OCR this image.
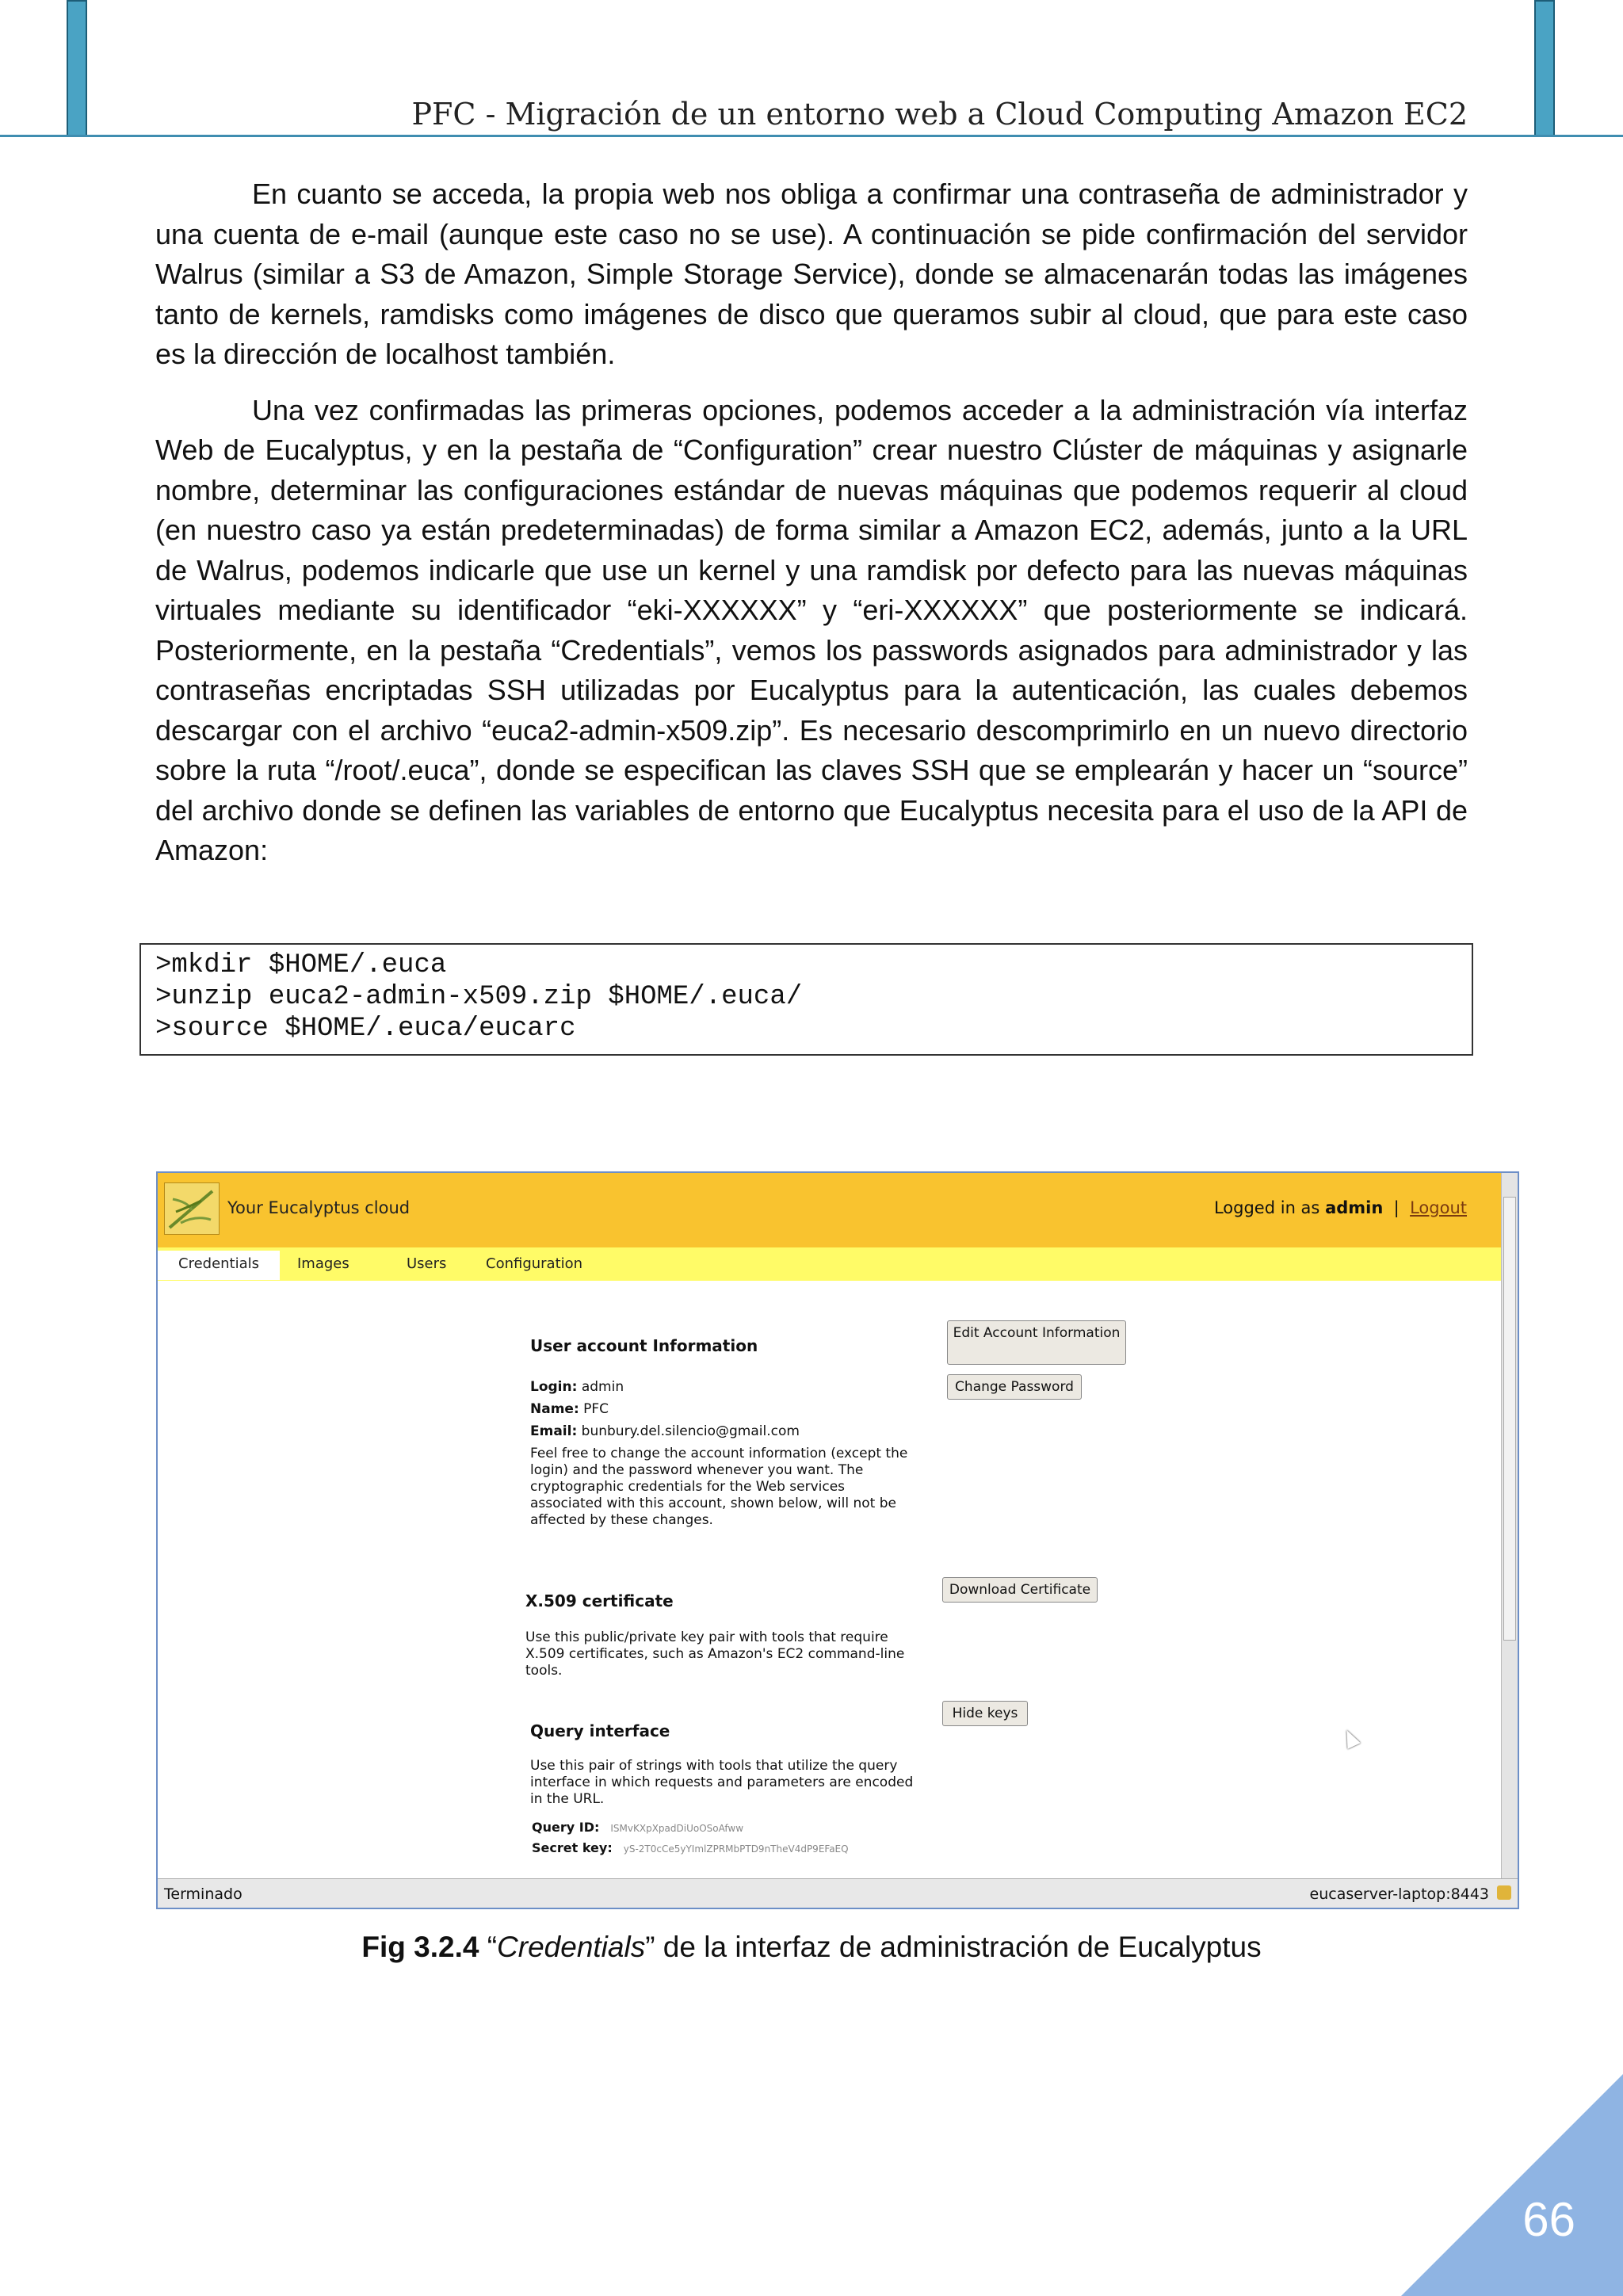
PFC - Migración de un entorno web a Cloud Computing Amazon EC2

En cuanto se acceda, la propia web nos obliga a confirmar una contraseña de administrador y una cuenta de e-mail (aunque este caso no se use). A continuación se pide confirmación del servidor Walrus (similar a S3 de Amazon, Simple Storage Service), donde se almacenarán todas las imágenes tanto de kernels, ramdisks como imágenes de disco que queramos subir al cloud, que para este caso es la dirección de localhost también.

Una vez confirmadas las primeras opciones, podemos acceder a la administración vía interfaz Web de Eucalyptus, y en la pestaña de “Configuration” crear nuestro Clúster de máquinas y asignarle nombre, determinar las configuraciones estándar de nuevas máquinas que podemos requerir al cloud (en nuestro caso ya están predeterminadas) de forma similar a Amazon EC2, además, junto a la URL de Walrus, podemos indicarle que use un kernel y una ramdisk por defecto para las nuevas máquinas virtuales mediante su identificador “eki-XXXXXX” y “eri-XXXXXX” que posteriormente se indicará. Posteriormente, en la pestaña “Credentials”, vemos los passwords asignados para administrador y las contraseñas encriptadas SSH utilizadas por Eucalyptus para la autenticación, las cuales debemos descargar con el archivo “euca2-admin-x509.zip”. Es necesario descomprimirlo en un nuevo directorio sobre la ruta “/root/.euca”, donde se especifican las claves SSH que se emplearán y hacer un “source” del archivo donde se definen las variables de entorno que Eucalyptus necesita para el uso de la API de Amazon:

>mkdir $HOME/.euca
>unzip euca2-admin-x509.zip $HOME/.euca/
>source $HOME/.euca/eucarc
Your Eucalyptus cloud	Logged in as admin | Logout
Credentials	Images	Users	Configuration
User account Information
Login: admin
Name: PFC
Email: bunbury.del.silencio@gmail.com
Feel free to change the account information (except the login) and the password whenever you want. The cryptographic credentials for the Web services associated with this account, shown below, will not be affected by these changes.
Edit Account Information
Change Password
X.509 certificate
Use this public/private key pair with tools that require X.509 certificates, such as Amazon's EC2 command-line tools.
Download Certificate
Query interface
Use this pair of strings with tools that utilize the query interface in which requests and parameters are encoded in the URL.
Hide keys
Query ID: ISMvKXpXpadDiUoOSoAfww
Secret key: yS-2T0cCe5yYImlZPRMbPTD9nTheV4dP9EFaEQ
Terminado	eucaserver-laptop:8443
Fig 3.2.4 “Credentials” de la interfaz de administración de Eucalyptus
66
